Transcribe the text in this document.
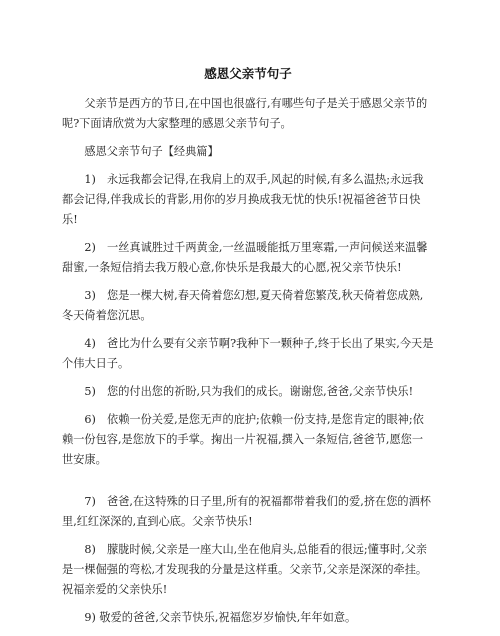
感恩父亲节句子

父亲节是西方的节日,在中国也很盛行,有哪些句子是关于感恩父亲节的呢?下面请欣赏为大家整理的感恩父亲节句子。

感恩父亲节句子【经典篇】

1)　永远我都会记得,在我肩上的双手,风起的时候,有多么温热;永远我都会记得,伴我成长的背影,用你的岁月换成我无忧的快乐!祝福爸爸节日快乐!

2)　一丝真诚胜过千两黄金,一丝温暖能抵万里寒霜,一声问候送来温馨甜蜜,一条短信捎去我万般心意,你快乐是我最大的心愿,祝父亲节快乐!

3)　您是一棵大树,春天倚着您幻想,夏天倚着您繁茂,秋天倚着您成熟,冬天倚着您沉思。

4)　爸比为什么要有父亲节啊?我种下一颗种子,终于长出了果实,今天是个伟大日子。

5)　您的付出您的祈盼,只为我们的成长。谢谢您,爸爸,父亲节快乐!

6)　依赖一份关爱,是您无声的庇护;依赖一份支持,是您肯定的眼神;依赖一份包容,是您放下的手掌。掬出一片祝福,撰入一条短信,爸爸节,愿您一世安康。

7)　爸爸,在这特殊的日子里,所有的祝福都带着我们的爱,挤在您的酒杯里,红红深深的,直到心底。父亲节快乐!

8)　朦胧时候,父亲是一座大山,坐在他肩头,总能看的很远;懂事时,父亲是一棵倔强的弯松,才发现我的分量是这样重。父亲节,父亲是深深的牵挂。祝福亲爱的父亲快乐!

9) 敬爱的爸爸,父亲节快乐,祝福您岁岁愉快,年年如意。
